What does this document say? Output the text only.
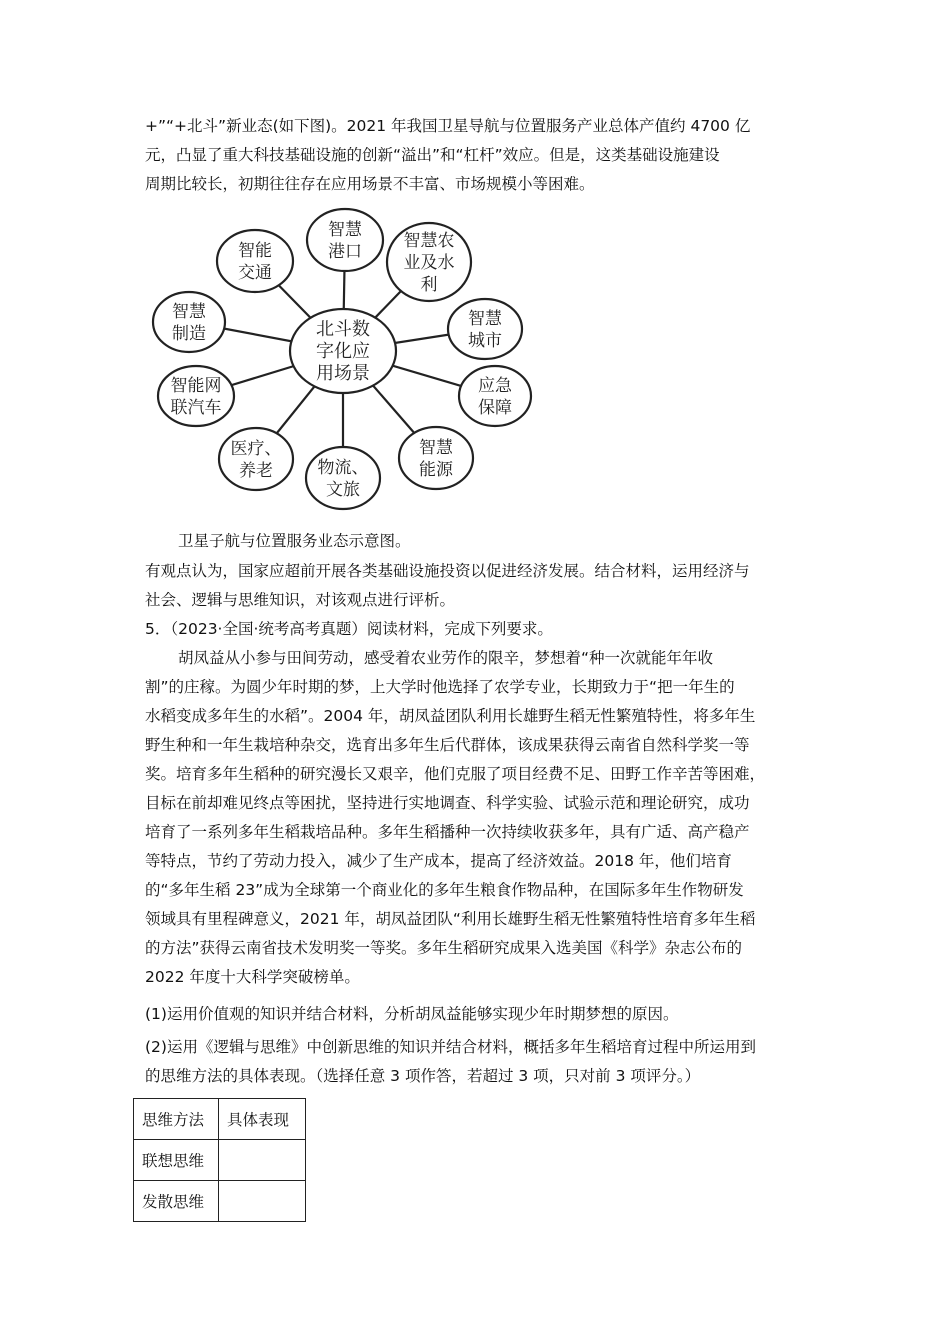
+”“+北斗”新业态(如下图)。2021 年我国卫星导航与位置服务产业总体产值约 4700 亿
元，凸显了重大科技基础设施的创新“溢出”和“杠杆”效应。但是，这类基础设施建设
周期比较长，初期往往存在应用场景不丰富、市场规模小等困难。
智慧
港口
智慧农
业及水
利
智慧
城市
应急
保障
智慧
能源
物流、
文旅
医疗、
养老
智能网
联汽车
智慧
制造
智能
交通
北斗数
字化应
用场景
卫星子航与位置服务业态示意图。
有观点认为，国家应超前开展各类基础设施投资以促进经济发展。结合材料，运用经济与
社会、逻辑与思维知识，对该观点进行评析。
5．（2023·全国·统考高考真题）阅读材料，完成下列要求。
胡凤益从小参与田间劳动，感受着农业劳作的限辛，梦想着“种一次就能年年收
割”的庄稼。为圆少年时期的梦，上大学时他选择了农学专业，长期致力于“把一年生的
水稻变成多年生的水稻”。2004 年，胡凤益团队利用长雄野生稻无性繁殖特性，将多年生
野生种和一年生栽培种杂交，选育出多年生后代群体，该成果获得云南省自然科学奖一等
奖。培育多年生稻种的研究漫长又艰辛，他们克服了项目经费不足、田野工作辛苦等困难，
目标在前却难见终点等困扰，坚持进行实地调查、科学实验、试验示范和理论研究，成功
培育了一系列多年生稻栽培品种。多年生稻播种一次持续收获多年，具有广适、高产稳产
等特点，节约了劳动力投入，减少了生产成本，提高了经济效益。2018 年，他们培育
的“多年生稻 23”成为全球第一个商业化的多年生粮食作物品种，在国际多年生作物研发
领域具有里程碑意义，2021 年，胡凤益团队“利用长雄野生稻无性繁殖特性培育多年生稻
的方法”获得云南省技术发明奖一等奖。多年生稻研究成果入选美国《科学》杂志公布的
2022 年度十大科学突破榜单。
(1)运用价值观的知识并结合材料，分析胡凤益能够实现少年时期梦想的原因。
(2)运用《逻辑与思维》中创新思维的知识并结合材料，概括多年生稻培育过程中所运用到
的思维方法的具体表现。（选择任意 3 项作答，若超过 3 项，只对前 3 项评分。）
思维方法	具体表现
联想思维	
发散思维	
